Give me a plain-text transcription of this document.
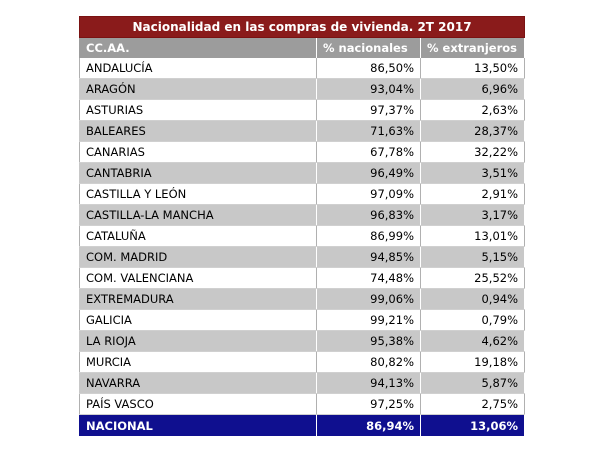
Nacionalidad en las compras de vivienda. 2T 2017		
CC.AA.	% nacionales	% extranjeros
ANDALUCÍA	86,50%	13,50%
ARAGÓN	93,04%	6,96%
ASTURIAS	97,37%	2,63%
BALEARES	71,63%	28,37%
CANARIAS	67,78%	32,22%
CANTABRIA	96,49%	3,51%
CASTILLA Y LEÓN	97,09%	2,91%
CASTILLA-LA MANCHA	96,83%	3,17%
CATALUÑA	86,99%	13,01%
COM. MADRID	94,85%	5,15%
COM. VALENCIANA	74,48%	25,52%
EXTREMADURA	99,06%	0,94%
GALICIA	99,21%	0,79%
LA RIOJA	95,38%	4,62%
MURCIA	80,82%	19,18%
NAVARRA	94,13%	5,87%
PAÍS VASCO	97,25%	2,75%
NACIONAL	86,94%	13,06%
